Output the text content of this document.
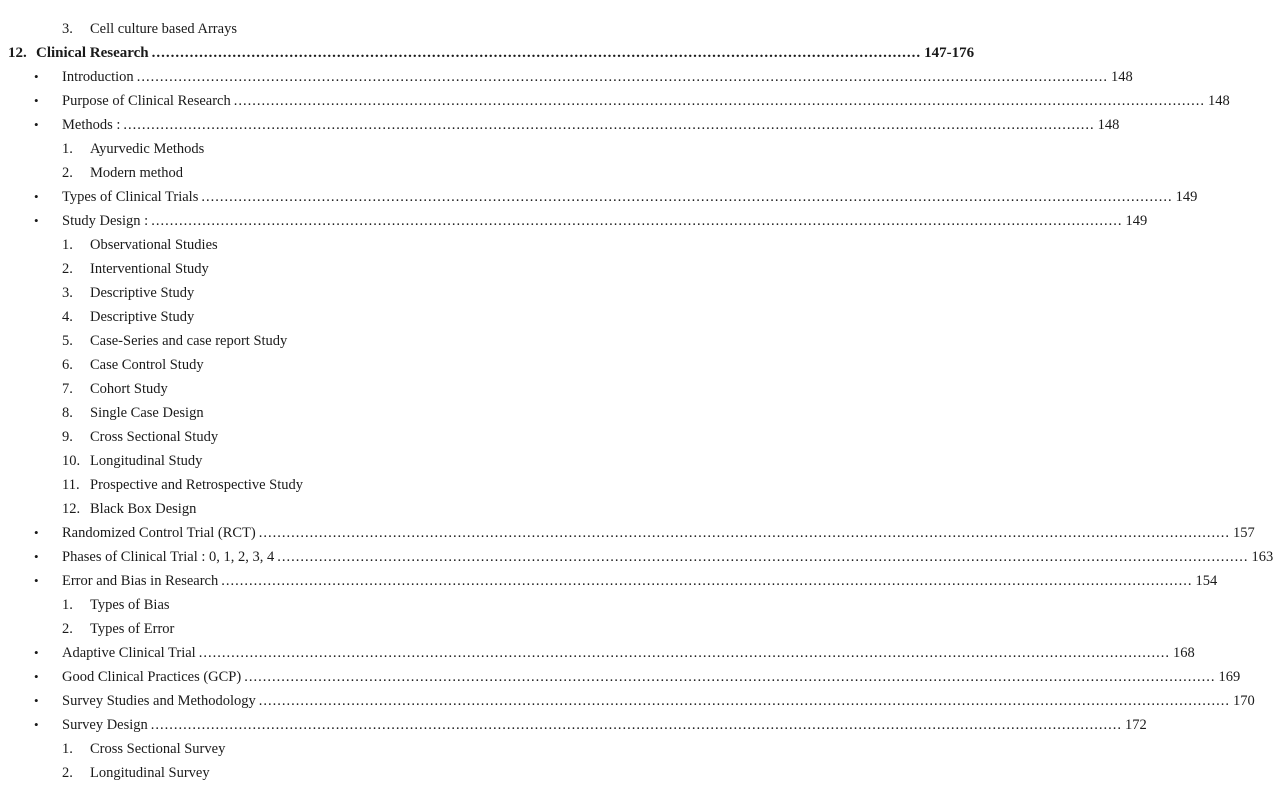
3. Cell culture based Arrays
12. Clinical Research .................................................................................................................................................................. 147-176
• Introduction .................................................................................................................................................................................................................. 148
• Purpose of Clinical Research .................................................................................................................................................................................................................. 148
• Methods : .................................................................................................................................................................................................................. 148
1. Ayurvedic Methods
2. Modern method
• Types of Clinical Trials .................................................................................................................................................................................................................. 149
• Study Design : .................................................................................................................................................................................................................. 149
1. Observational Studies
2. Interventional Study
3. Descriptive Study
4. Descriptive Study
5. Case-Series and case report Study
6. Case Control Study
7. Cohort Study
8. Single Case Design
9. Cross Sectional Study
10. Longitudinal Study
11. Prospective and Retrospective Study
12. Black Box Design
• Randomized Control Trial (RCT) .................................................................................................................................................................................................................. 157
• Phases of Clinical Trial : 0, 1, 2, 3, 4 .................................................................................................................................................................................................................. 163
• Error and Bias in Research .................................................................................................................................................................................................................. 154
1. Types of Bias
2. Types of Error
• Adaptive Clinical Trial .................................................................................................................................................................................................................. 168
• Good Clinical Practices (GCP) .................................................................................................................................................................................................................. 169
• Survey Studies and Methodology .................................................................................................................................................................................................................. 170
• Survey Design .................................................................................................................................................................................................................. 172
1. Cross Sectional Survey
2. Longitudinal Survey
